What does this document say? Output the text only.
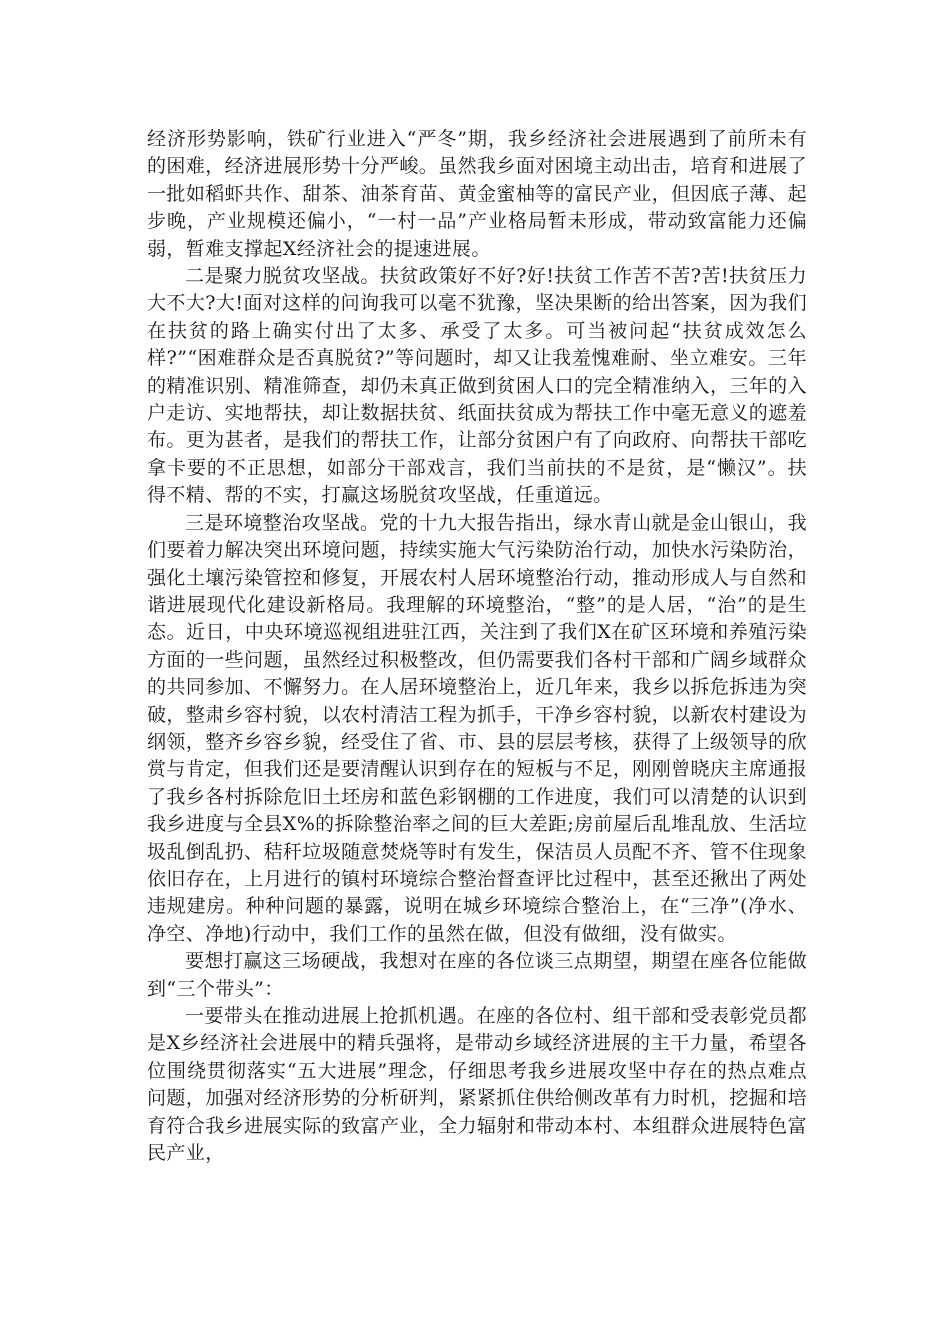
经济形势影响，铁矿行业进入“严冬”期，我乡经济社会进展遇到了前所未有的困难，经济进展形势十分严峻。虽然我乡面对困境主动出击，培育和进展了一批如稻虾共作、甜茶、油茶育苗、黄金蜜柚等的富民产业，但因底子薄、起步晚，产业规模还偏小，“一村一品”产业格局暂未形成，带动致富能力还偏弱，暂难支撑起X经济社会的提速进展。

二是聚力脱贫攻坚战。扶贫政策好不好?好!扶贫工作苦不苦?苦!扶贫压力大不大?大!面对这样的问询我可以毫不犹豫，坚决果断的给出答案，因为我们在扶贫的路上确实付出了太多、承受了太多。可当被问起“扶贫成效怎么样?”“困难群众是否真脱贫?”等问题时，却又让我羞愧难耐、坐立难安。三年的精准识别、精准筛查，却仍未真正做到贫困人口的完全精准纳入，三年的入户走访、实地帮扶，却让数据扶贫、纸面扶贫成为帮扶工作中毫无意义的遮羞布。更为甚者，是我们的帮扶工作，让部分贫困户有了向政府、向帮扶干部吃拿卡要的不正思想，如部分干部戏言，我们当前扶的不是贫，是“懒汉”。扶得不精、帮的不实，打赢这场脱贫攻坚战，任重道远。

三是环境整治攻坚战。党的十九大报告指出，绿水青山就是金山银山，我们要着力解决突出环境问题，持续实施大气污染防治行动，加快水污染防治，强化土壤污染管控和修复，开展农村人居环境整治行动，推动形成人与自然和谐进展现代化建设新格局。我理解的环境整治，“整”的是人居，“治”的是生态。近日，中央环境巡视组进驻江西，关注到了我们X在矿区环境和养殖污染方面的一些问题，虽然经过积极整改，但仍需要我们各村干部和广阔乡域群众的共同参加、不懈努力。在人居环境整治上，近几年来，我乡以拆危拆违为突破，整肃乡容村貌，以农村清洁工程为抓手，干净乡容村貌，以新农村建设为纲领，整齐乡容乡貌，经受住了省、市、县的层层考核，获得了上级领导的欣赏与肯定，但我们还是要清醒认识到存在的短板与不足，刚刚曾晓庆主席通报了我乡各村拆除危旧土坯房和蓝色彩钢棚的工作进度，我们可以清楚的认识到我乡进度与全县X%的拆除整治率之间的巨大差距;房前屋后乱堆乱放、生活垃圾乱倒乱扔、秸秆垃圾随意焚烧等时有发生，保洁员人员配不齐、管不住现象依旧存在，上月进行的镇村环境综合整治督查评比过程中，甚至还揪出了两处违规建房。种种问题的暴露，说明在城乡环境综合整治上，在“三净”(净水、净空、净地)行动中，我们工作的虽然在做，但没有做细，没有做实。

要想打赢这三场硬战，我想对在座的各位谈三点期望，期望在座各位能做到“三个带头”：

一要带头在推动进展上抢抓机遇。在座的各位村、组干部和受表彰党员都是X乡经济社会进展中的精兵强将，是带动乡域经济进展的主干力量，希望各位围绕贯彻落实“五大进展”理念，仔细思考我乡进展攻坚中存在的热点难点问题，加强对经济形势的分析研判，紧紧抓住供给侧改革有力时机，挖掘和培育符合我乡进展实际的致富产业，全力辐射和带动本村、本组群众进展特色富民产业，
